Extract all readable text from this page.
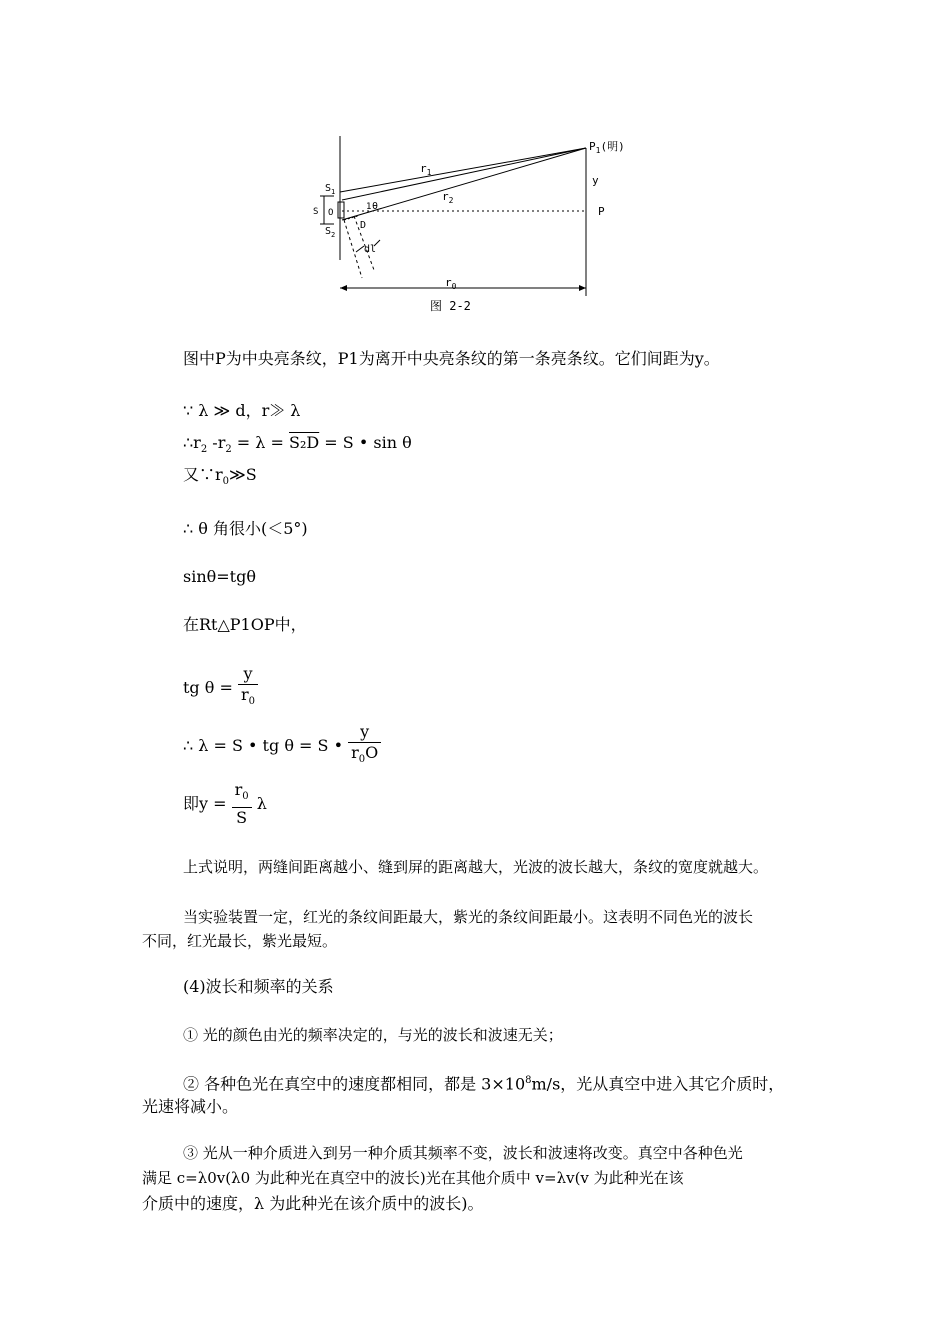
$P_1$(明)
$r_1$
$r_2$
y
P
$S_1$
$S_2$
S O
1 θ
D
dl
$r_0$
图 2-2
图中P为中央亮条纹，P1为离开中央亮条纹的第一条亮条纹。它们间距为y。
∵ λ ≫ d，r≫ λ
$\therefore r_2$ $-r_2 = \lambda = S_2D = S$ • sin θ
又$\because r_0≫S$
∴ θ 角很小(＜5°)
sinθ=tgθ
在Rt△P1OP中，
tg $\theta = \frac{y}{r_0}$
∴ λ = S • tg θ = S • $\frac{y}{r_0O}$
即$y = \frac{r_0}{S}$ λ
上式说明，两缝间距离越小、缝到屏的距离越大，光波的波长越大，条纹的宽度就越大。
当实验装置一定，红光的条纹间距最大，紫光的条纹间距最小。这表明不同色光的波长
不同，红光最长，紫光最短。
(4)波长和频率的关系
① 光的颜色由光的频率决定的，与光的波长和波速无关；
② 各种色光在真空中的速度都相同，都是 $3\times 10^8m/s$，光从真空中进入其它介质时，
光速将减小。
③ 光从一种介质进入到另一种介质其频率不变，波长和波速将改变。真空中各种色光
满足 c=λ0v(λ0 为此种光在真空中的波长)光在其他介质中 v=λv(v 为此种光在该
介质中的速度，λ 为此种光在该介质中的波长)。
